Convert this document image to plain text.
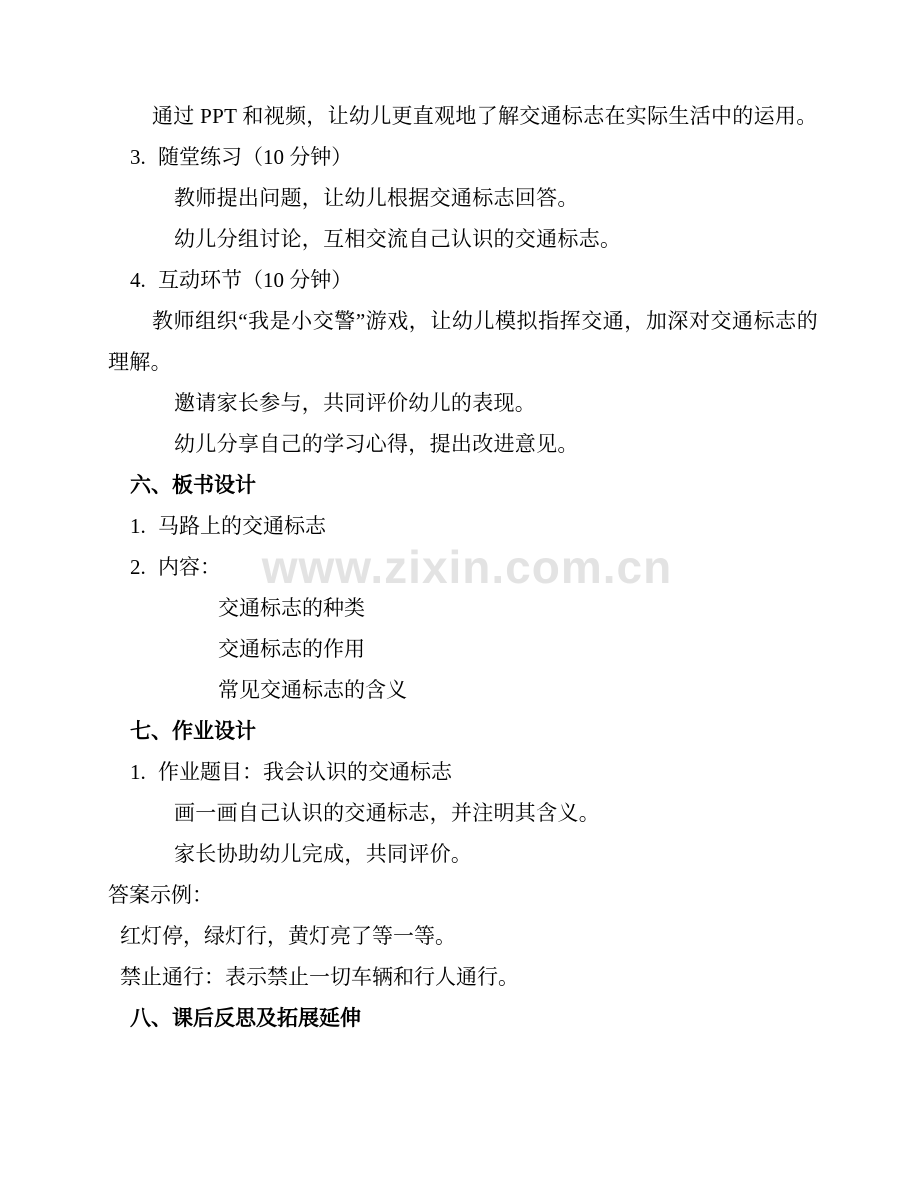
www.zixin.com.cn

通过 PPT 和视频，让幼儿更直观地了解交通标志在实际生活中的运用。

3. 随堂练习（10 分钟）

教师提出问题，让幼儿根据交通标志回答。

幼儿分组讨论，互相交流自己认识的交通标志。

4. 互动环节（10 分钟）

教师组织“我是小交警”游戏，让幼儿模拟指挥交通，加深对交通标志的理解。

邀请家长参与，共同评价幼儿的表现。

幼儿分享自己的学习心得，提出改进意见。

六、板书设计

1. 马路上的交通标志

2. 内容：

交通标志的种类

交通标志的作用

常见交通标志的含义

七、作业设计

1. 作业题目：我会认识的交通标志

画一画自己认识的交通标志，并注明其含义。

家长协助幼儿完成，共同评价。

答案示例：

红灯停，绿灯行，黄灯亮了等一等。

禁止通行：表示禁止一切车辆和行人通行。

八、课后反思及拓展延伸
